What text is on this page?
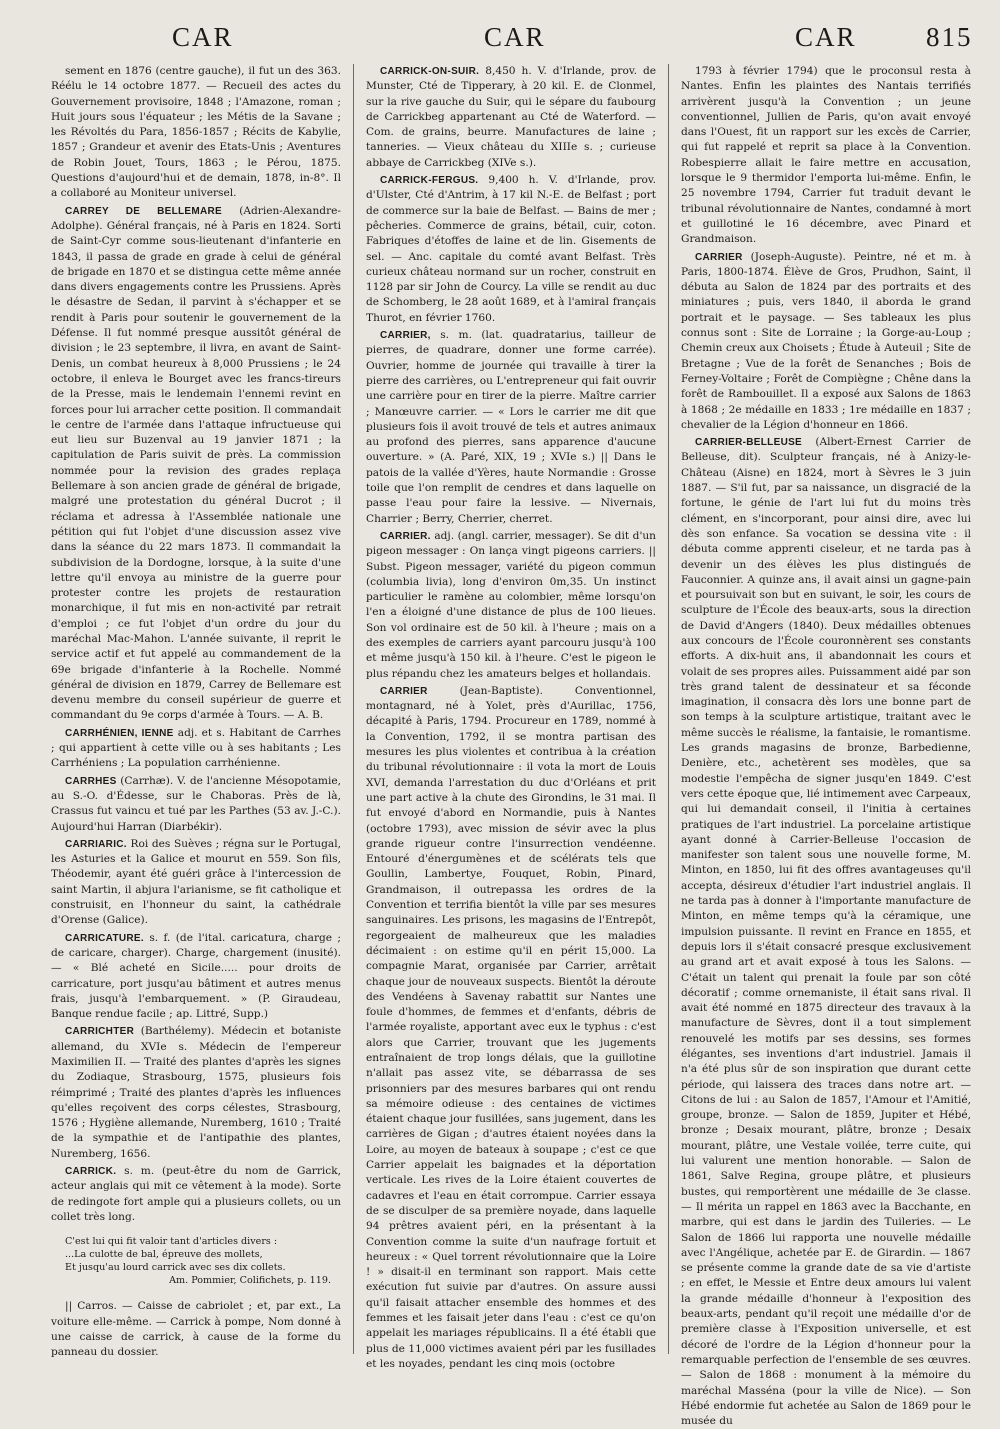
CAR	CAR	CAR	815

sement en 1876 (centre gauche), il fut un des 363. Réélu le 14 octobre 1877. — Recueil des actes du Gouvernement provisoire, 1848 ; l'Amazone, roman ; Huit jours sous l'équateur ; les Métis de la Savane ; les Révoltés du Para, 1856-1857 ; Récits de Kabylie, 1857 ; Grandeur et avenir des Etats-Unis ; Aventures de Robin Jouet, Tours, 1863 ; le Pérou, 1875. Questions d'aujourd'hui et de demain, 1878, in-8°. Il a collaboré au Moniteur universel.

CARREY DE BELLEMARE (Adrien-Alexandre-Adolphe). Général français, né à Paris en 1824. Sorti de Saint-Cyr comme sous-lieutenant d'infanterie en 1843, il passa de grade en grade à celui de général de brigade en 1870 et se distingua cette même année dans divers engagements contre les Prussiens. Après le désastre de Sedan, il parvint à s'échapper et se rendit à Paris pour soutenir le gouvernement de la Défense. Il fut nommé presque aussitôt général de division ; le 23 septembre, il livra, en avant de Saint-Denis, un combat heureux à 8,000 Prussiens ; le 24 octobre, il enleva le Bourget avec les francs-tireurs de la Presse, mais le lendemain l'ennemi revint en forces pour lui arracher cette position. Il commandait le centre de l'armée dans l'attaque infructueuse qui eut lieu sur Buzenval au 19 janvier 1871 ; la capitulation de Paris suivit de près. La commission nommée pour la revision des grades replaça Bellemare à son ancien grade de général de brigade, malgré une protestation du général Ducrot ; il réclama et adressa à l'Assemblée nationale une pétition qui fut l'objet d'une discussion assez vive dans la séance du 22 mars 1873. Il commandait la subdivision de la Dordogne, lorsque, à la suite d'une lettre qu'il envoya au ministre de la guerre pour protester contre les projets de restauration monarchique, il fut mis en non-activité par retrait d'emploi ; ce fut l'objet d'un ordre du jour du maréchal Mac-Mahon. L'année suivante, il reprit le service actif et fut appelé au commandement de la 69e brigade d'infanterie à la Rochelle. Nommé général de division en 1879, Carrey de Bellemare est devenu membre du conseil supérieur de guerre et commandant du 9e corps d'armée à Tours. — A. B.

CARRHÉNIEN, IENNE adj. et s. Habitant de Carrhes ; qui appartient à cette ville ou à ses habitants ; Les Carrhéniens ; La population carrhénienne.

CARRHES (Carrhæ). V. de l'ancienne Mésopotamie, au S.-O. d'Édesse, sur le Chaboras. Près de là, Crassus fut vaincu et tué par les Parthes (53 av. J.-C.). Aujourd'hui Harran (Diarbékir).

CARRIARIC. Roi des Suèves ; régna sur le Portugal, les Asturies et la Galice et mourut en 559. Son fils, Théodemir, ayant été guéri grâce à l'intercession de saint Martin, il abjura l'arianisme, se fit catholique et construisit, en l'honneur du saint, la cathédrale d'Orense (Galice).

CARRICATURE. s. f. (de l'ital. caricatura, charge ; de caricare, charger). Charge, chargement (inusité). — « Blé acheté en Sicile..... pour droits de carricature, port jusqu'au bâtiment et autres menus frais, jusqu'à l'embarquement. » (P. Giraudeau, Banque rendue facile ; ap. Littré, Supp.)

CARRICHTER (Barthélemy). Médecin et botaniste allemand, du XVIe s. Médecin de l'empereur Maximilien II. — Traité des plantes d'après les signes du Zodiaque, Strasbourg, 1575, plusieurs fois réimprimé ; Traité des plantes d'après les influences qu'elles reçoivent des corps célestes, Strasbourg, 1576 ; Hygiène allemande, Nuremberg, 1610 ; Traité de la sympathie et de l'antipathie des plantes, Nuremberg, 1656.

CARRICK. s. m. (peut-être du nom de Garrick, acteur anglais qui mit ce vêtement à la mode). Sorte de redingote fort ample qui a plusieurs collets, ou un collet très long.

C'est lui qui fit valoir tant d'articles divers :
...La culotte de bal, épreuve des mollets,
Et jusqu'au lourd carrick avec ses dix collets.
Am. Pommier, Colifichets, p. 119.

|| Carros. — Caisse de cabriolet ; et, par ext., La voiture elle-même. — Carrick à pompe, Nom donné à une caisse de carrick, à cause de la forme du panneau du dossier.

CARRICK-ON-SUIR. 8,450 h. V. d'Irlande, prov. de Munster, Cté de Tipperary, à 20 kil. E. de Clonmel, sur la rive gauche du Suir, qui le sépare du faubourg de Carrickbeg appartenant au Cté de Waterford. — Com. de grains, beurre. Manufactures de laine ; tanneries. — Vieux château du XIIIe s. ; curieuse abbaye de Carrickbeg (XIVe s.).

CARRICK-FERGUS. 9,400 h. V. d'Irlande, prov. d'Ulster, Cté d'Antrim, à 17 kil N.-E. de Belfast ; port de commerce sur la baie de Belfast. — Bains de mer ; pêcheries. Commerce de grains, bétail, cuir, coton. Fabriques d'étoffes de laine et de lin. Gisements de sel. — Anc. capitale du comté avant Belfast. Très curieux château normand sur un rocher, construit en 1128 par sir John de Courcy. La ville se rendit au duc de Schomberg, le 28 août 1689, et à l'amiral français Thurot, en février 1760.

CARRIER, s. m. (lat. quadratarius, tailleur de pierres, de quadrare, donner une forme carrée). Ouvrier, homme de journée qui travaille à tirer la pierre des carrières, ou L'entrepreneur qui fait ouvrir une carrière pour en tirer de la pierre. Maître carrier ; Manœuvre carrier. — « Lors le carrier me dit que plusieurs fois il avoit trouvé de tels et autres animaux au profond des pierres, sans apparence d'aucune ouverture. » (A. Paré, XIX, 19 ; XVIe s.) || Dans le patois de la vallée d'Yères, haute Normandie : Grosse toile que l'on remplit de cendres et dans laquelle on passe l'eau pour faire la lessive. — Nivernais, Charrier ; Berry, Cherrier, cherret.

CARRIER. adj. (angl. carrier, messager). Se dit d'un pigeon messager : On lança vingt pigeons carriers. || Subst. Pigeon messager, variété du pigeon commun (columbia livia), long d'environ 0m,35. Un instinct particulier le ramène au colombier, même lorsqu'on l'en a éloigné d'une distance de plus de 100 lieues. Son vol ordinaire est de 50 kil. à l'heure ; mais on a des exemples de carriers ayant parcouru jusqu'à 100 et même jusqu'à 150 kil. à l'heure. C'est le pigeon le plus répandu chez les amateurs belges et hollandais.

CARRIER	(Jean-Baptiste). Conventionnel, montagnard, né à Yolet, près d'Aurillac, 1756, décapité à Paris, 1794. Procureur en 1789, nommé à la Convention, 1792, il se montra partisan des mesures les plus violentes et contribua à la création du tribunal révolutionnaire : il vota la mort de Louis XVI, demanda l'arrestation du duc d'Orléans et prit une part active à la chute des Girondins, le 31 mai. Il fut envoyé d'abord en Normandie, puis à Nantes (octobre 1793), avec mission de sévir avec la plus grande rigueur contre l'insurrection vendéenne. Entouré d'énergumènes et de scélérats tels que Goullin, Lambertye, Fouquet, Robin, Pinard, Grandmaison, il outrepassa les ordres de la Convention et terrifia bientôt la ville par ses mesures sanguinaires. Les prisons, les magasins de l'Entrepôt, regorgeaient de malheureux que les maladies décimaient : on estime qu'il en périt 15,000. La compagnie Marat, organisée par Carrier, arrêtait chaque jour de nouveaux suspects. Bientôt la déroute des Vendéens à Savenay rabattit sur Nantes une foule d'hommes, de femmes et d'enfants, débris de l'armée royaliste, apportant avec eux le typhus : c'est alors que Carrier, trouvant que les jugements entraînaient de trop longs délais, que la guillotine n'allait pas assez vite, se débarrassa de ses prisonniers par des mesures barbares qui ont rendu sa mémoire odieuse : des centaines de victimes étaient chaque jour fusillées, sans jugement, dans les carrières de Gigan ; d'autres étaient noyées dans la Loire, au moyen de bateaux à soupape ; c'est ce que Carrier appelait les baignades et la déportation verticale. Les rives de la Loire étaient couvertes de cadavres et l'eau en était corrompue. Carrier essaya de se disculper de sa première noyade, dans laquelle 94 prêtres avaient péri, en la présentant à la Convention comme la suite d'un naufrage fortuit et heureux : « Quel torrent révolutionnaire que la Loire ! » disait-il en terminant son rapport. Mais cette exécution fut suivie par d'autres. On assure aussi qu'il faisait attacher ensemble des hommes et des femmes et les faisait jeter dans l'eau : c'est ce qu'on appelait les mariages républicains. Il a été établi que plus de 11,000 victimes avaient péri par les fusillades et les noyades, pendant les cinq mois (octobre

1793 à février 1794) que le proconsul resta à Nantes. Enfin les plaintes des Nantais terrifiés arrivèrent jusqu'à la Convention ; un jeune conventionnel, Jullien de Paris, qu'on avait envoyé dans l'Ouest, fit un rapport sur les excès de Carrier, qui fut rappelé et reprit sa place à la Convention. Robespierre allait le faire mettre en accusation, lorsque le 9 thermidor l'emporta lui-même. Enfin, le 25 novembre 1794, Carrier fut traduit devant le tribunal révolutionnaire de Nantes, condamné à mort et guillotiné le 16 décembre, avec Pinard et Grandmaison.

CARRIER (Joseph-Auguste). Peintre, né et m. à Paris, 1800-1874. Élève de Gros, Prudhon, Saint, il débuta au Salon de 1824 par des portraits et des miniatures ; puis, vers 1840, il aborda le grand portrait et le paysage. — Ses tableaux les plus connus sont : Site de Lorraine ; la Gorge-au-Loup ; Chemin creux aux Choisets ; Étude à Auteuil ; Site de Bretagne ; Vue de la forêt de Senanches ; Bois de Ferney-Voltaire ; Forêt de Compiègne ; Chêne dans la forêt de Rambouillet. Il a exposé aux Salons de 1863 à 1868 ; 2e médaille en 1833 ; 1re médaille en 1837 ; chevalier de la Légion d'honneur en 1866.

CARRIER-BELLEUSE (Albert-Ernest Carrier de Belleuse, dit). Sculpteur français, né à Anizy-le-Château (Aisne) en 1824, mort à Sèvres le 3 juin 1887. — S'il fut, par sa naissance, un disgracié de la fortune, le génie de l'art lui fut du moins très clément, en s'incorporant, pour ainsi dire, avec lui dès son enfance. Sa vocation se dessina vite : il débuta comme apprenti ciseleur, et ne tarda pas à devenir un des élèves les plus distingués de Fauconnier. A quinze ans, il avait ainsi un gagne-pain et poursuivait son but en suivant, le soir, les cours de sculpture de l'École des beaux-arts, sous la direction de David d'Angers (1840). Deux médailles obtenues aux concours de l'École couronnèrent ses constants efforts. A dix-huit ans, il abandonnait les cours et volait de ses propres ailes. Puissamment aidé par son très grand talent de dessinateur et sa féconde imagination, il consacra dès lors une bonne part de son temps à la sculpture artistique, traitant avec le même succès le réalisme, la fantaisie, le romantisme. Les grands magasins de bronze, Barbedienne, Denière, etc., achetèrent ses modèles, que sa modestie l'empêcha de signer jusqu'en 1849. C'est vers cette époque que, lié intimement avec Carpeaux, qui lui demandait conseil, il l'initia à certaines pratiques de l'art industriel. La porcelaine artistique ayant donné à Carrier-Belleuse l'occasion de manifester son talent sous une nouvelle forme, M. Minton, en 1850, lui fit des offres avantageuses qu'il accepta, désireux d'étudier l'art industriel anglais. Il ne tarda pas à donner à l'importante manufacture de Minton, en même temps qu'à la céramique, une impulsion puissante. Il revint en France en 1855, et depuis lors il s'était consacré presque exclusivement au grand art et avait exposé à tous les Salons. — C'était un talent qui prenait la foule par son côté décoratif ; comme ornemaniste, il était sans rival. Il avait été nommé en 1875 directeur des travaux à la manufacture de Sèvres, dont il a tout simplement renouvelé les motifs par ses dessins, ses formes élégantes, ses inventions d'art industriel. Jamais il n'a été plus sûr de son inspiration que durant cette période, qui laissera des traces dans notre art. — Citons de lui : au Salon de 1857, l'Amour et l'Amitié, groupe, bronze. — Salon de 1859, Jupiter et Hébé, bronze ; Desaix mourant, plâtre, bronze ; Desaix mourant, plâtre, une Vestale voilée, terre cuite, qui lui valurent une mention honorable. — Salon de 1861, Salve Regina, groupe plâtre, et plusieurs bustes, qui remportèrent une médaille de 3e classe. — Il mérita un rappel en 1863 avec la Bacchante, en marbre, qui est dans le jardin des Tuileries. — Le Salon de 1866 lui rapporta une nouvelle médaille avec l'Angélique, achetée par E. de Girardin. — 1867 se présente comme la grande date de sa vie d'artiste ; en effet, le Messie et Entre deux amours lui valent la grande médaille d'honneur à l'exposition des beaux-arts, pendant qu'il reçoit une médaille d'or de première classe à l'Exposition universelle, et est décoré de l'ordre de la Légion d'honneur pour la remarquable perfection de l'ensemble de ses œuvres. — Salon de 1868 : monument à la mémoire du maréchal Masséna (pour la ville de Nice). — Son Hébé endormie fut achetée au Salon de 1869 pour le musée du
